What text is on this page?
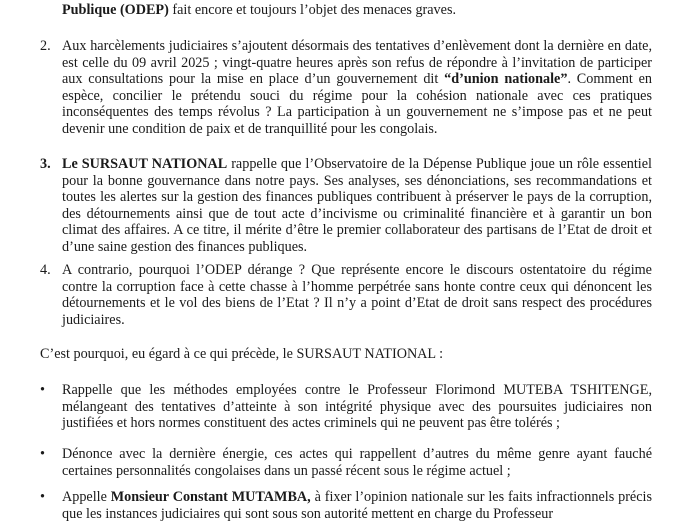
Publique (ODEP) fait encore et toujours l’objet des menaces graves.
2. Aux harcèlements judiciaires s’ajoutent désormais des tentatives d’enlèvement dont la dernière en date, est celle du 09 avril 2025 ; vingt-quatre heures après son refus de répondre à l’invitation de participer aux consultations pour la mise en place d’un gouvernement dit “d’union nationale”. Comment en espèce, concilier le prétendu souci du régime pour la cohésion nationale avec ces pratiques inconséquentes des temps révolus ? La participation à un gouvernement ne s’impose pas et ne peut devenir une condition de paix et de tranquillité pour les congolais.
3. Le SURSAUT NATIONAL rappelle que l’Observatoire de la Dépense Publique joue un rôle essentiel pour la bonne gouvernance dans notre pays. Ses analyses, ses dénonciations, ses recommandations et toutes les alertes sur la gestion des finances publiques contribuent à préserver le pays de la corruption, des détournements ainsi que de tout acte d’incivisme ou criminalité financière et à garantir un bon climat des affaires. A ce titre, il mérite d’être le premier collaborateur des partisans de l’Etat de droit et d’une saine gestion des finances publiques.
4. A contrario, pourquoi l’ODEP dérange ? Que représente encore le discours ostentatoire du régime contre la corruption face à cette chasse à l’homme perpétrée sans honte contre ceux qui dénoncent les détournements et le vol des biens de l’Etat ? Il n’y a point d’Etat de droit sans respect des procédures judiciaires.
C’est pourquoi, eu égard à ce qui précède, le SURSAUT NATIONAL :
• Rappelle que les méthodes employées contre le Professeur Florimond MUTEBA TSHITENGE, mélangeant des tentatives d’atteinte à son intégrité physique avec des poursuites judiciaires non justifiées et hors normes constituent des actes criminels qui ne peuvent pas être tolérés ;
• Dénonce avec la dernière énergie, ces actes qui rappellent d’autres du même genre ayant fauché certaines personnalités congolaises dans un passé récent sous le régime actuel ;
• Appelle Monsieur Constant MUTAMBA, à fixer l’opinion nationale sur les faits infractionnels précis que les instances judiciaires qui sont sous son autorité mettent en charge du Professeur
